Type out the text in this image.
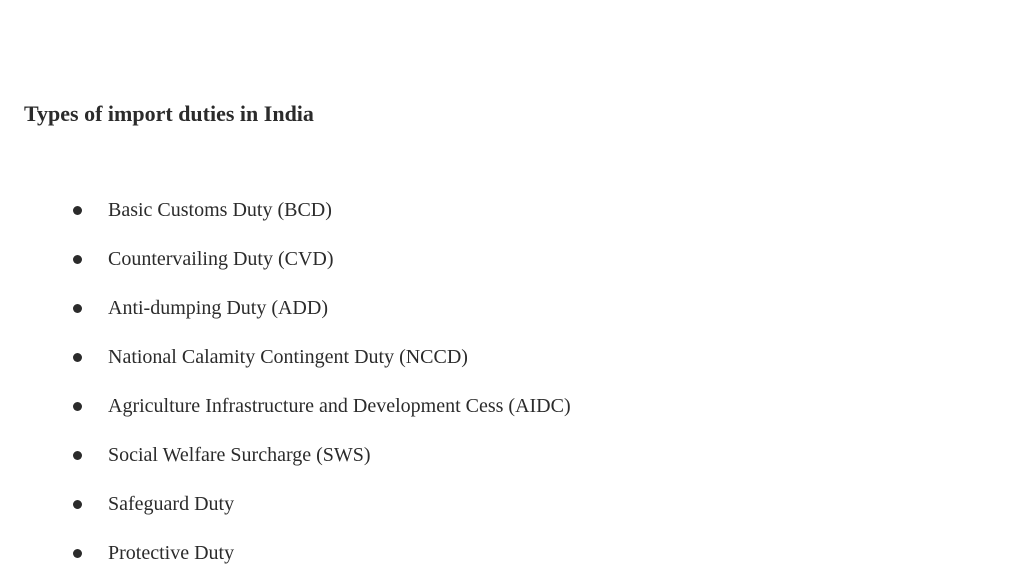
Types of import duties in India
Basic Customs Duty (BCD)
Countervailing Duty (CVD)
Anti-dumping Duty (ADD)
National Calamity Contingent Duty (NCCD)
Agriculture Infrastructure and Development Cess (AIDC)
Social Welfare Surcharge (SWS)
Safeguard Duty
Protective Duty
